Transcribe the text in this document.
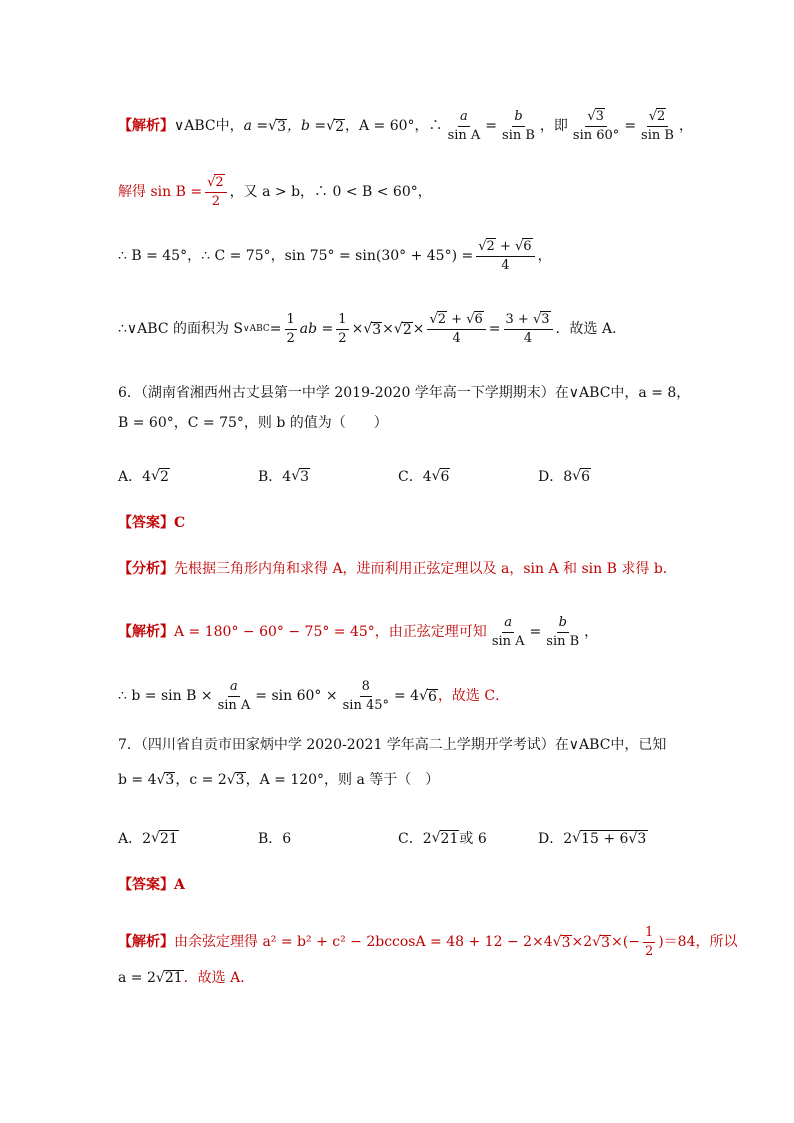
【解析】 ∨ABC中， a = √ 3 ，b = √ 2 ，A = 60°，∴ $\frac{a}{\text{sin A}} = \frac{b}{\text{sin B}}$ ，即 $\frac{√3}{\sin 60^\circ} = \frac{√2}{\text{sin B}}$ ，
解得 $\sin B = \frac{√2}{2}$ ，又 a > b，∴ 0 < B < 60°，
∴ B = 45°，∴ C = 75°，$\sin 75^\circ = \sin(30^\circ + 45^\circ) = \frac{√2 + √6}{4}$ ，
∴∨ABC 的面积为 S ∨ABC = $\frac{1}{2}$ ab = $\frac{1}{2}$ × √ 3 × √ $2 \times \frac{√2 + √6}{4} = \frac{3 + √3}{4}$ ．故选 A．
6．（湖南省湘西州古丈县第一中学 2019-2020 学年高一下学期期末）在∨ABC中，a = 8，
B = 60°，C = 75°，则 b 的值为（　　）
A．4 √ 2	B．4 √ 3	C．4 √ 6	D．8 √ 6
【答案】 C
【分析】 先根据三角形内角和求得 A，进而利用正弦定理以及 a，sin A 和 sin B 求得 b．
【解析】 A = 180° − 60° − 75° = 45°，由正弦定理可知 $\frac{a}{\text{sin A}} = \frac{b}{\text{sin B}}$ ，
∴ $b = \sin B \times \frac{a}{\text{sin A}} = \sin 60^\circ \times \frac{8}{\sin 45^\circ} = 4$ √ 6 ，故选 C．
7．（四川省自贡市田家炳中学 2020-2021 学年高二上学期开学考试）在∨ABC中，已知
b = 4 √ 3 ，c = 2 √ 3 ，A = 120°，则 a 等于（　）
A．2 √ 21	B．6	C．2 √ 21 或 6	D．2 √ 15 + 6√3
【答案】 A
【解析】 由余弦定理得 a² = b² + c² − 2bccosA = 48 + 12 − 2×4 √ 3 ×2 √ 3 ×(− $\frac{1}{2} )=84$，所以
a = 2 √ 21 ．故选 A．
